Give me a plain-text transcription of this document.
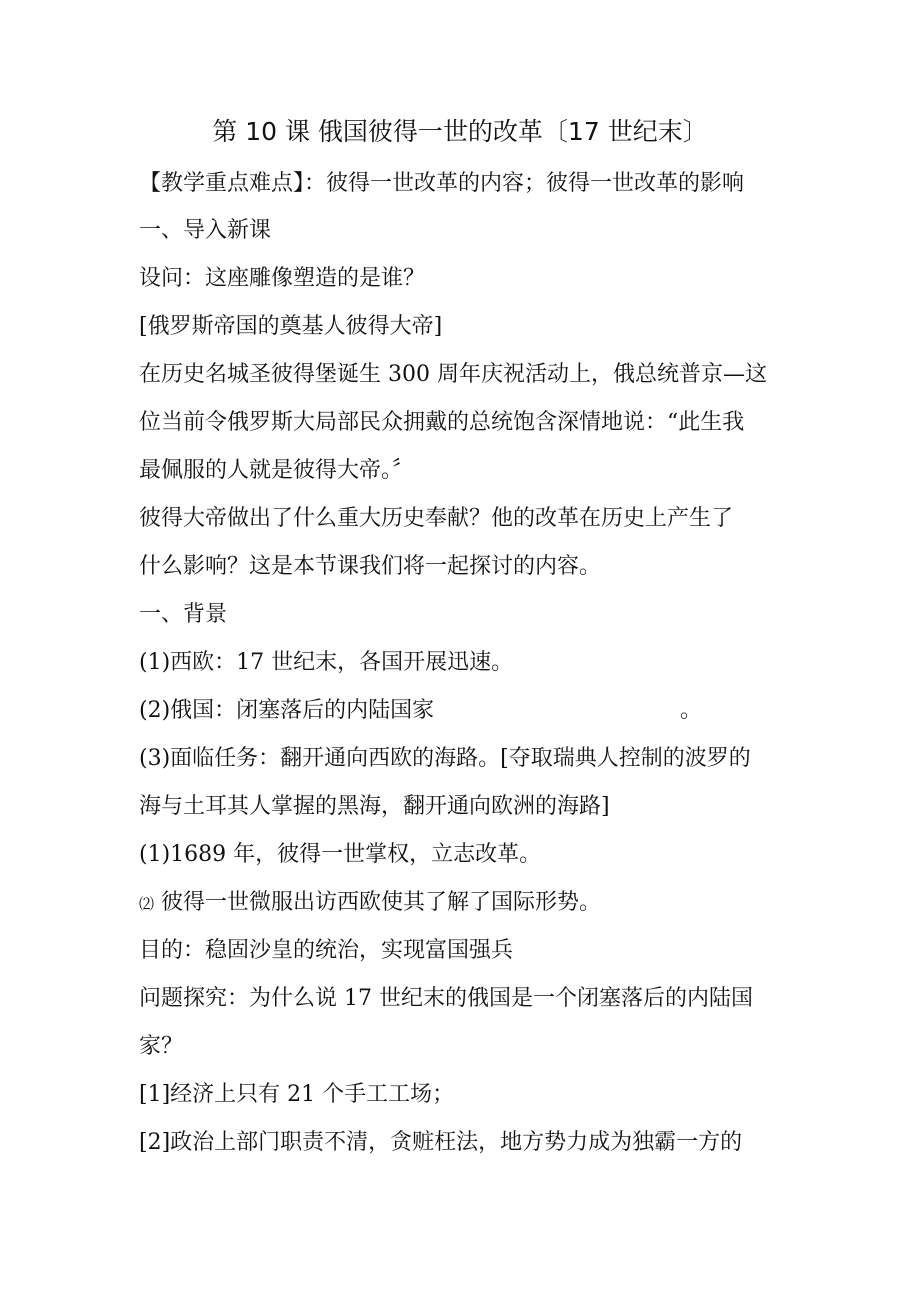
第 10 课 俄国彼得一世的改革〔17 世纪末〕
【教学重点难点】：彼得一世改革的内容；彼得一世改革的影响
一、导入新课
设问：这座雕像塑造的是谁？
[俄罗斯帝国的奠基人彼得大帝]
在历史名城圣彼得堡诞生 300 周年庆祝活动上，俄总统普京—这
位当前令俄罗斯大局部民众拥戴的总统饱含深情地说：“此生我
最佩服的人就是彼得大帝。〞
彼得大帝做出了什么重大历史奉献？他的改革在历史上产生了
什么影响？这是本节课我们将一起探讨的内容。
一、背景
(1)西欧：17 世纪末，各国开展迅速。
(2)俄国：闭塞落后的内陆国家	。
(3)面临任务：翻开通向西欧的海路。[夺取瑞典人控制的波罗的
海与土耳其人掌握的黑海，翻开通向欧洲的海路]
(1)1689 年，彼得一世掌权，立志改革。
⑵ 彼得一世微服出访西欧使其了解了国际形势。
目的：稳固沙皇的统治，实现富国强兵
问题探究：为什么说 17 世纪末的俄国是一个闭塞落后的内陆国
家？
[1]经济上只有 21 个手工工场；
[2]政治上部门职责不清，贪赃枉法，地方势力成为独霸一方的
